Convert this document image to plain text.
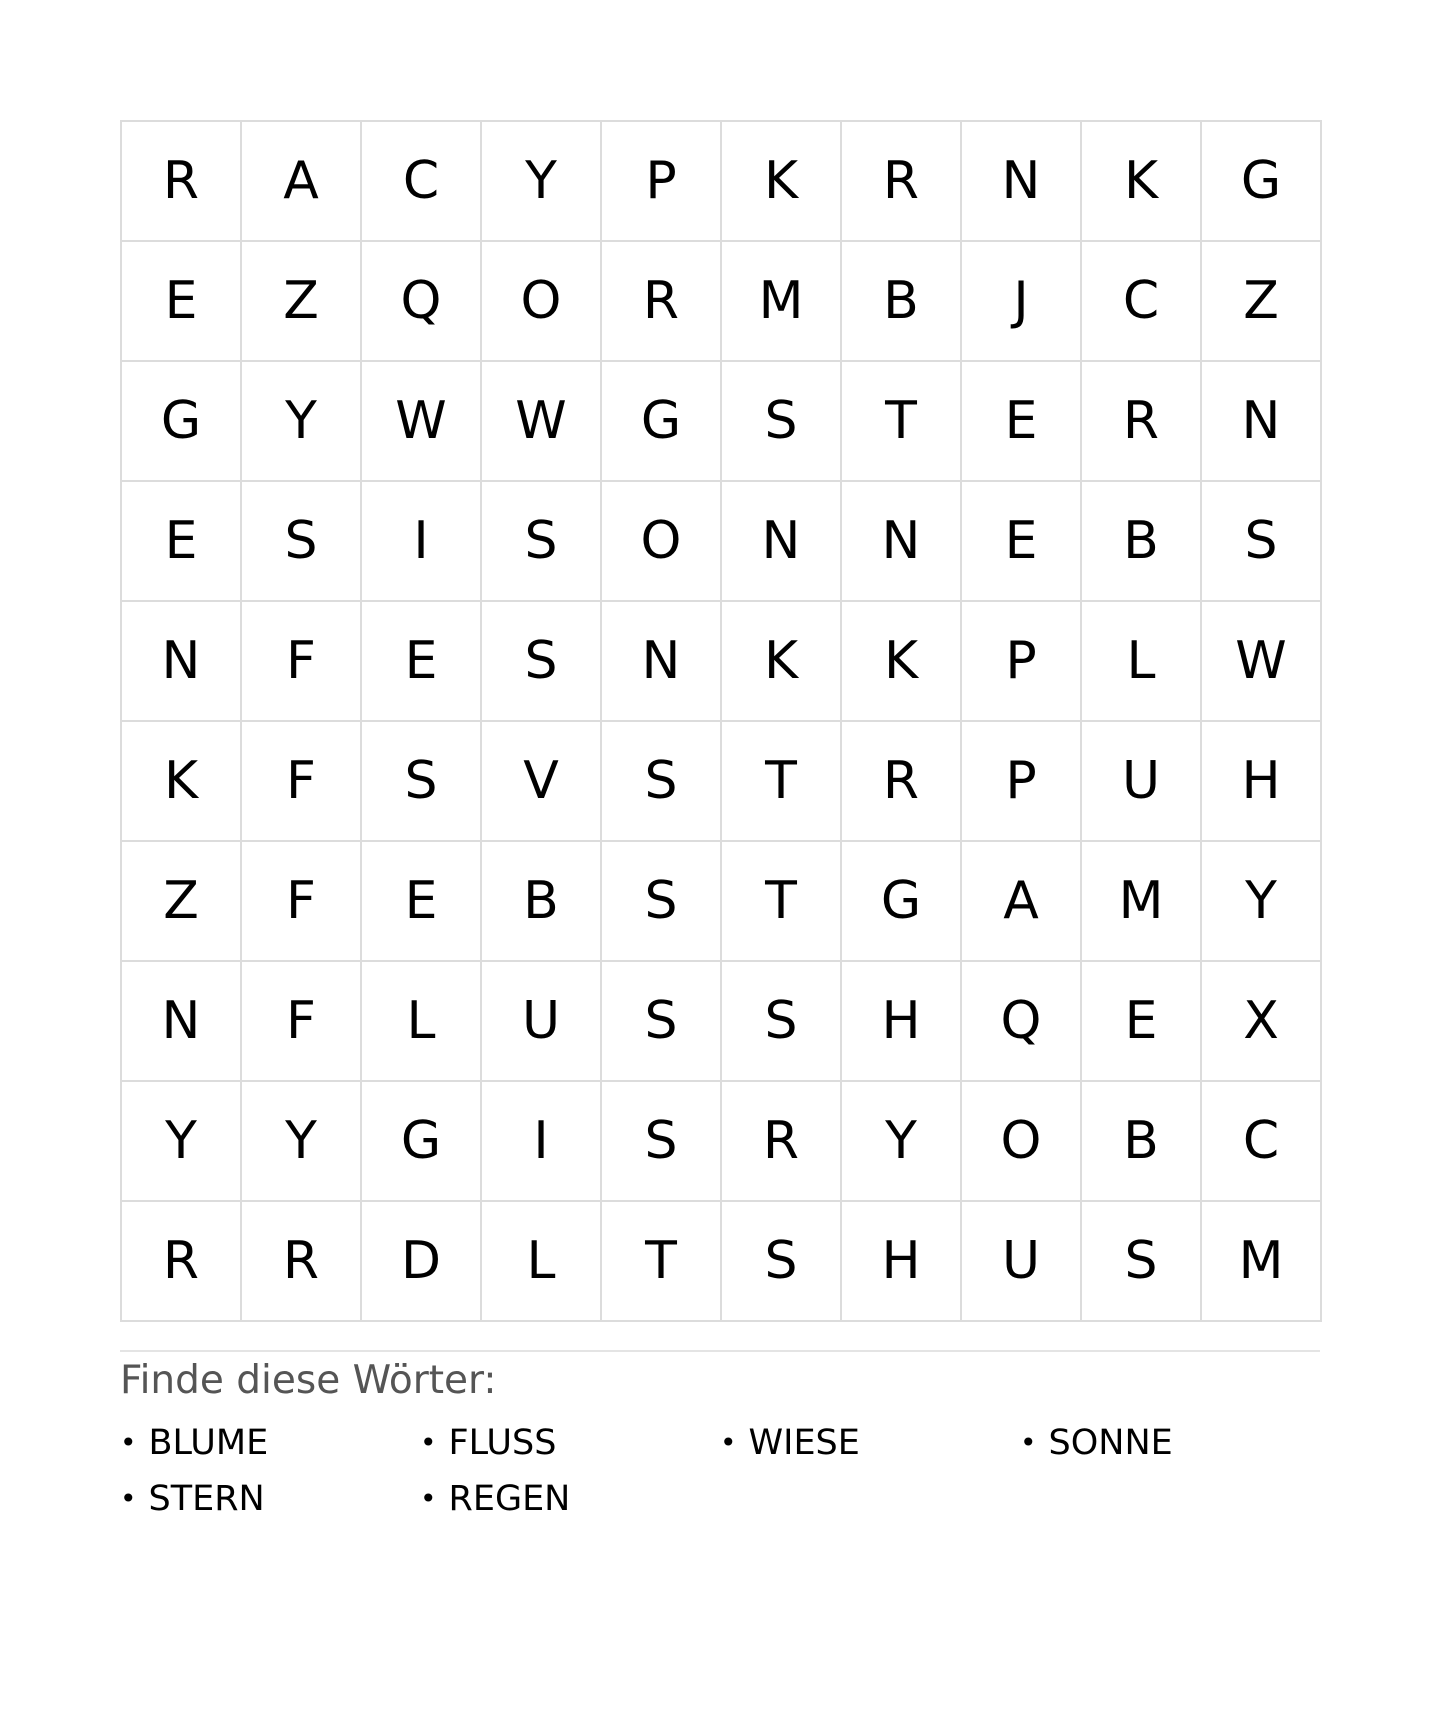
R	A	C	Y	P	K	R	N	K	G
E	Z	Q	O	R	M	B	J	C	Z
G	Y	W	W	G	S	T	E	R	N
E	S	I	S	O	N	N	E	B	S
N	F	E	S	N	K	K	P	L	W
K	F	S	V	S	T	R	P	U	H
Z	F	E	B	S	T	G	A	M	Y
N	F	L	U	S	S	H	Q	E	X
Y	Y	G	I	S	R	Y	O	B	C
R	R	D	L	T	S	H	U	S	M
Finde diese Wörter:
• BLUME	• FLUSS	• WIESE	• SONNE
• STERN	• REGEN
